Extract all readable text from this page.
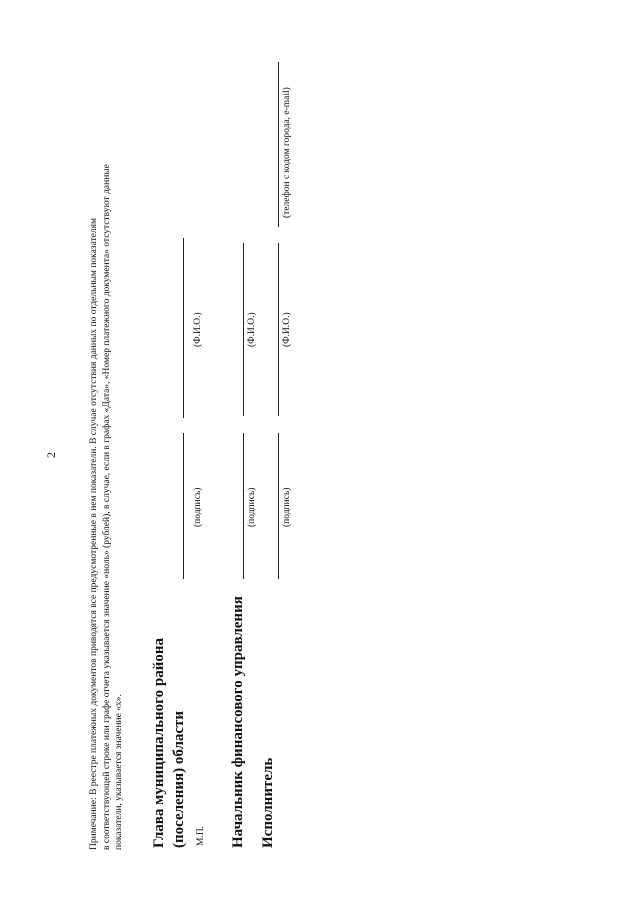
2	Примечание: В реестре платежных документов приводятся все предусмотренные в нем показатели. В случае отсутствия данных по отдельным показателям в соответствующей строке или графе отчета указывается значение «ноль» (рублей), в случае, если в графах «Дата», «Номер платежного документа» отсутствуют данные показатели, указывается значение «х». Глава муниципального района (поселения) области М.П.
(подпись)
(Ф.И.О.)
Начальник финансового управления
(подпись)
(Ф.И.О.)
Исполнитель
(подпись)
(Ф.И.О.)
(телефон с кодом города, e-mail)
